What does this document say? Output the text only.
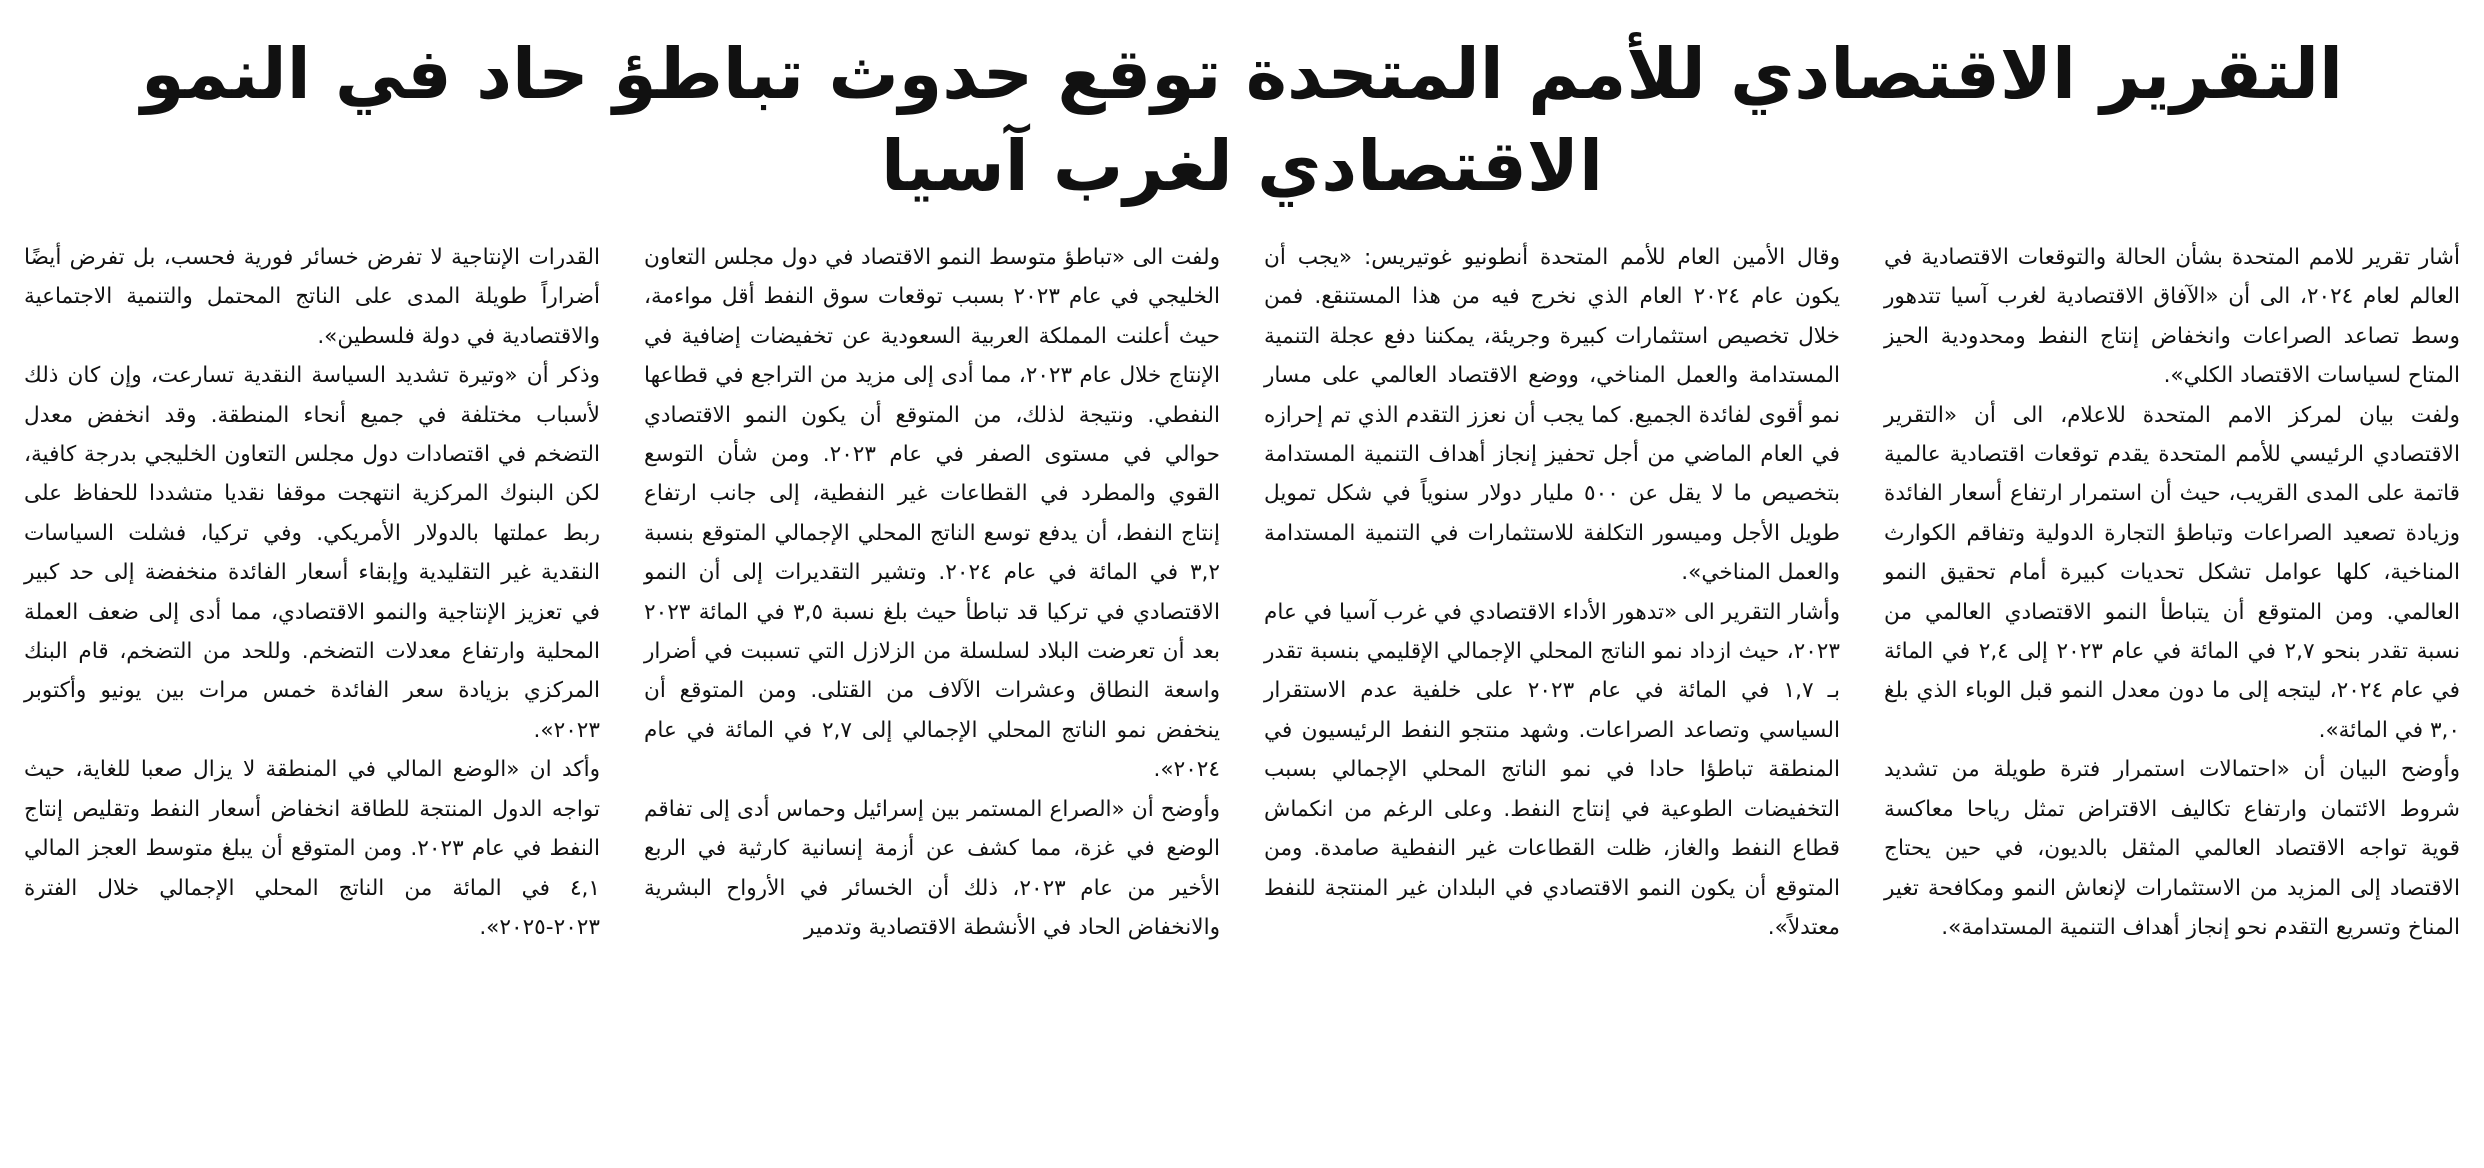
التقرير الاقتصادي للأمم المتحدة توقع حدوث تباطؤ حاد في النمو الاقتصادي لغرب آسيا

أشار تقرير للامم المتحدة بشأن الحالة والتوقعات الاقتصادية في العالم لعام ٢٠٢٤، الى أن «الآفاق الاقتصادية لغرب آسيا تتدهور وسط تصاعد الصراعات وانخفاض إنتاج النفط ومحدودية الحيز المتاح لسياسات الاقتصاد الكلي».

ولفت بيان لمركز الامم المتحدة للاعلام، الى أن «التقرير الاقتصادي الرئيسي للأمم المتحدة يقدم توقعات اقتصادية عالمية قاتمة على المدى القريب، حيث أن استمرار ارتفاع أسعار الفائدة وزيادة تصعيد الصراعات وتباطؤ التجارة الدولية وتفاقم الكوارث المناخية، كلها عوامل تشكل تحديات كبيرة أمام تحقيق النمو العالمي. ومن المتوقع أن يتباطأ النمو الاقتصادي العالمي من نسبة تقدر بنحو ٢,٧ في المائة في عام ٢٠٢٣ إلى ٢,٤ في المائة في عام ٢٠٢٤، ليتجه إلى ما دون معدل النمو قبل الوباء الذي بلغ ٣,٠ في المائة».

وأوضح البيان أن «احتمالات استمرار فترة طويلة من تشديد شروط الائتمان وارتفاع تكاليف الاقتراض تمثل رياحا معاكسة قوية تواجه الاقتصاد العالمي المثقل بالديون، في حين يحتاج الاقتصاد إلى المزيد من الاستثمارات لإنعاش النمو ومكافحة تغير المناخ وتسريع التقدم نحو إنجاز أهداف التنمية المستدامة».

وقال الأمين العام للأمم المتحدة أنطونيو غوتيريس: «يجب أن يكون عام ٢٠٢٤ العام الذي نخرج فيه من هذا المستنقع. فمن خلال تخصيص استثمارات كبيرة وجريئة، يمكننا دفع عجلة التنمية المستدامة والعمل المناخي، ووضع الاقتصاد العالمي على مسار نمو أقوى لفائدة الجميع. كما يجب أن نعزز التقدم الذي تم إحرازه في العام الماضي من أجل تحفيز إنجاز أهداف التنمية المستدامة بتخصيص ما لا يقل عن ٥٠٠ مليار دولار سنوياً في شكل تمويل طويل الأجل وميسور التكلفة للاستثمارات في التنمية المستدامة والعمل المناخي».

وأشار التقرير الى «تدهور الأداء الاقتصادي في غرب آسيا في عام ٢٠٢٣، حيث ازداد نمو الناتج المحلي الإجمالي الإقليمي بنسبة تقدر بـ ١,٧ في المائة في عام ٢٠٢٣ على خلفية عدم الاستقرار السياسي وتصاعد الصراعات. وشهد منتجو النفط الرئيسيون في المنطقة تباطؤا حادا في نمو الناتج المحلي الإجمالي بسبب التخفيضات الطوعية في إنتاج النفط. وعلى الرغم من انكماش قطاع النفط والغاز، ظلت القطاعات غير النفطية صامدة. ومن المتوقع أن يكون النمو الاقتصادي في البلدان غير المنتجة للنفط معتدلاً».

ولفت الى «تباطؤ متوسط النمو الاقتصاد في دول مجلس التعاون الخليجي في عام ٢٠٢٣ بسبب توقعات سوق النفط أقل مواءمة، حيث أعلنت المملكة العربية السعودية عن تخفيضات إضافية في الإنتاج خلال عام ٢٠٢٣، مما أدى إلى مزيد من التراجع في قطاعها النفطي. ونتيجة لذلك، من المتوقع أن يكون النمو الاقتصادي حوالي في مستوى الصفر في عام ٢٠٢٣. ومن شأن التوسع القوي والمطرد في القطاعات غير النفطية، إلى جانب ارتفاع إنتاج النفط، أن يدفع توسع الناتج المحلي الإجمالي المتوقع بنسبة ٣,٢ في المائة في عام ٢٠٢٤. وتشير التقديرات إلى أن النمو الاقتصادي في تركيا قد تباطأ حيث بلغ نسبة ٣,٥ في المائة ٢٠٢٣ بعد أن تعرضت البلاد لسلسلة من الزلازل التي تسببت في أضرار واسعة النطاق وعشرات الآلاف من القتلى. ومن المتوقع أن ينخفض نمو الناتج المحلي الإجمالي إلى ٢,٧ في المائة في عام ٢٠٢٤».

وأوضح أن «الصراع المستمر بين إسرائيل وحماس أدى إلى تفاقم الوضع في غزة، مما كشف عن أزمة إنسانية كارثية في الربع الأخير من عام ٢٠٢٣، ذلك أن الخسائر في الأرواح البشرية والانخفاض الحاد في الأنشطة الاقتصادية وتدمير

القدرات الإنتاجية لا تفرض خسائر فورية فحسب، بل تفرض أيضًا أضراراً طويلة المدى على الناتج المحتمل والتنمية الاجتماعية والاقتصادية في دولة فلسطين».

وذكر أن «وتيرة تشديد السياسة النقدية تسارعت، وإن كان ذلك لأسباب مختلفة في جميع أنحاء المنطقة. وقد انخفض معدل التضخم في اقتصادات دول مجلس التعاون الخليجي بدرجة كافية، لكن البنوك المركزية انتهجت موقفا نقديا متشددا للحفاظ على ربط عملتها بالدولار الأمريكي. وفي تركيا، فشلت السياسات النقدية غير التقليدية وإبقاء أسعار الفائدة منخفضة إلى حد كبير في تعزيز الإنتاجية والنمو الاقتصادي، مما أدى إلى ضعف العملة المحلية وارتفاع معدلات التضخم. وللحد من التضخم، قام البنك المركزي بزيادة سعر الفائدة خمس مرات بين يونيو وأكتوبر ٢٠٢٣».

وأكد ان «الوضع المالي في المنطقة لا يزال صعبا للغاية، حيث تواجه الدول المنتجة للطاقة انخفاض أسعار النفط وتقليص إنتاج النفط في عام ٢٠٢٣. ومن المتوقع أن يبلغ متوسط العجز المالي ٤,١ في المائة من الناتج المحلي الإجمالي خلال الفترة ٢٠٢٣-٢٠٢٥».
